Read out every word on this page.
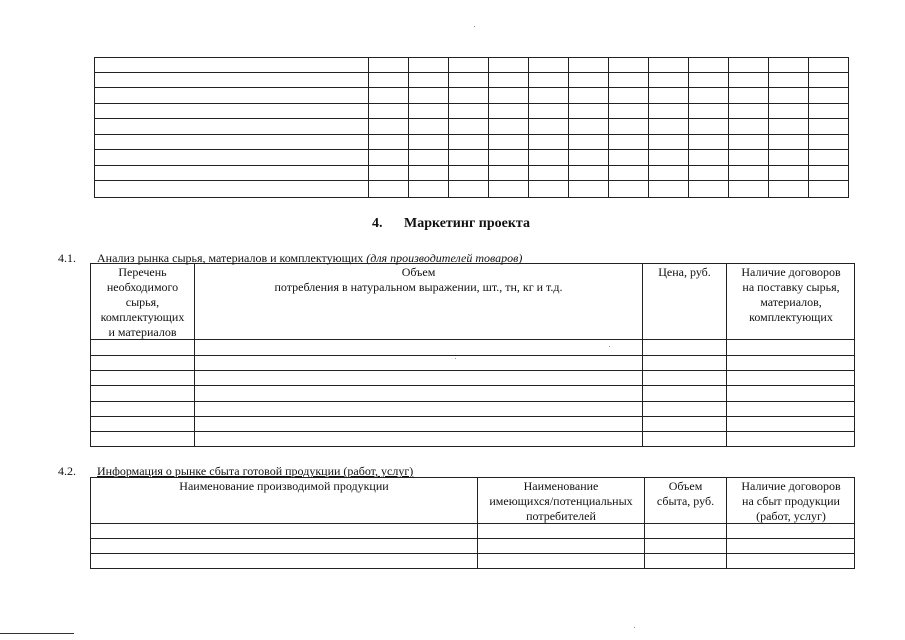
4. Маркетинг проекта
4.1. Анализ рынка сырья, материалов и комплектующих (для производителей товаров)
Перечень
необходимого
сырья,
комплектующих
и материалов
Объем
потребления в натуральном выражении, шт., тн, кг и т.д.
Цена, руб.	Наличие договоров
на поставку сырья,
материалов,
комплектующих
4.2. Информация о рынке сбыта готовой продукции (работ, услуг)
Наименование производимой продукции	Наименование
имеющихся/потенциальных
потребителей
Объем
сбыта, руб.
Наличие договоров
на сбыт продукции
(работ, услуг)
